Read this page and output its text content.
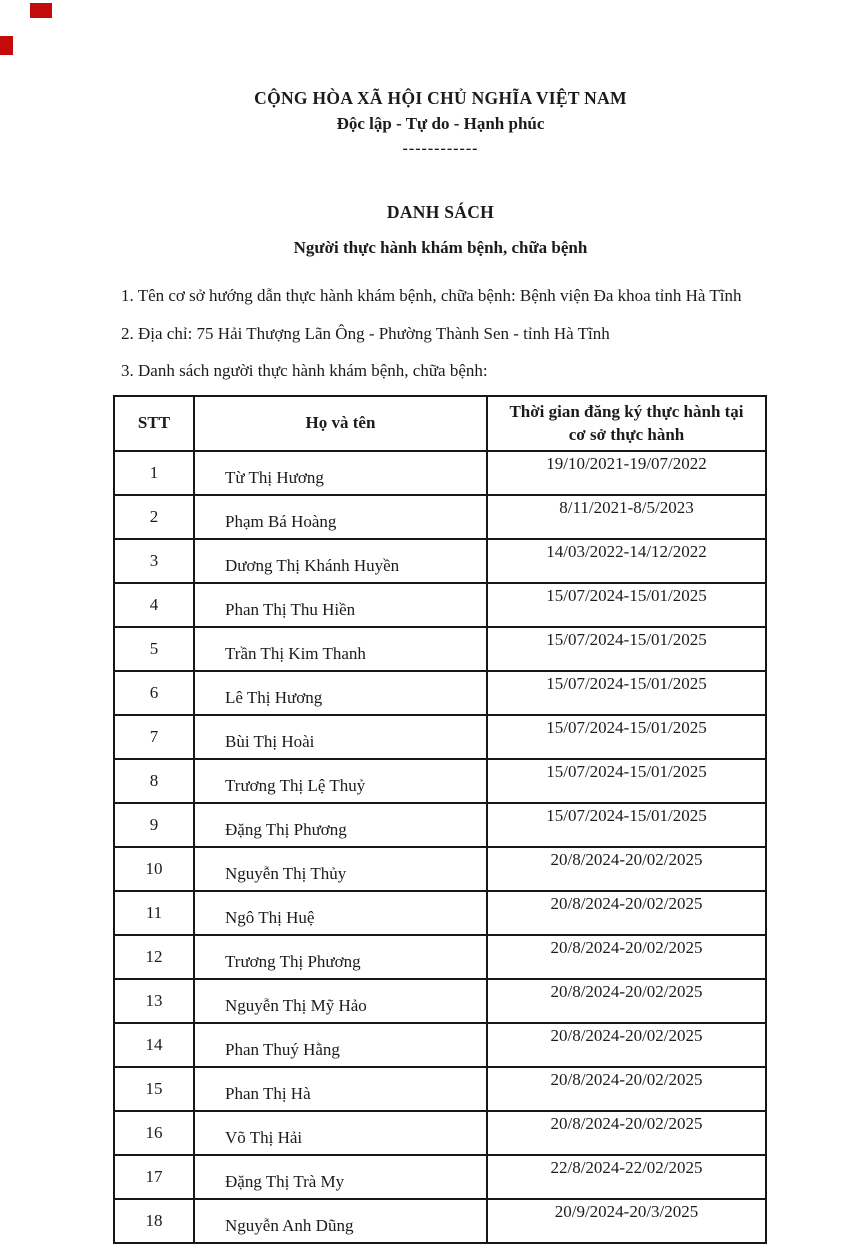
CỘNG HÒA XÃ HỘI CHỦ NGHĨA VIỆT NAM
Độc lập - Tự do - Hạnh phúc
------------
DANH SÁCH
Người thực hành khám bệnh, chữa bệnh

1. Tên cơ sở hướng dẫn thực hành khám bệnh, chữa bệnh: Bệnh viện Đa khoa tỉnh Hà Tĩnh

2. Địa chỉ: 75 Hải Thượng Lãn Ông - Phường Thành Sen - tỉnh Hà Tĩnh

3. Danh sách người thực hành khám bệnh, chữa bệnh:

STT	Họ và tên	Thời gian đăng ký thực hành tại cơ sở thực hành
1	Từ Thị Hương	19/10/2021-19/07/2022
2	Phạm Bá Hoàng	8/11/2021-8/5/2023
3	Dương Thị Khánh Huyền	14/03/2022-14/12/2022
4	Phan Thị Thu Hiền	15/07/2024-15/01/2025
5	Trần Thị Kim Thanh	15/07/2024-15/01/2025
6	Lê Thị Hương	15/07/2024-15/01/2025
7	Bùi Thị Hoài	15/07/2024-15/01/2025
8	Trương Thị Lệ Thuỷ	15/07/2024-15/01/2025
9	Đặng Thị Phương	15/07/2024-15/01/2025
10	Nguyễn Thị Thủy	20/8/2024-20/02/2025
11	Ngô Thị Huệ	20/8/2024-20/02/2025
12	Trương Thị Phương	20/8/2024-20/02/2025
13	Nguyễn Thị Mỹ Hảo	20/8/2024-20/02/2025
14	Phan Thuý Hằng	20/8/2024-20/02/2025
15	Phan Thị Hà	20/8/2024-20/02/2025
16	Võ Thị Hải	20/8/2024-20/02/2025
17	Đặng Thị Trà My	22/8/2024-22/02/2025
18	Nguyễn Anh Dũng	20/9/2024-20/3/2025
